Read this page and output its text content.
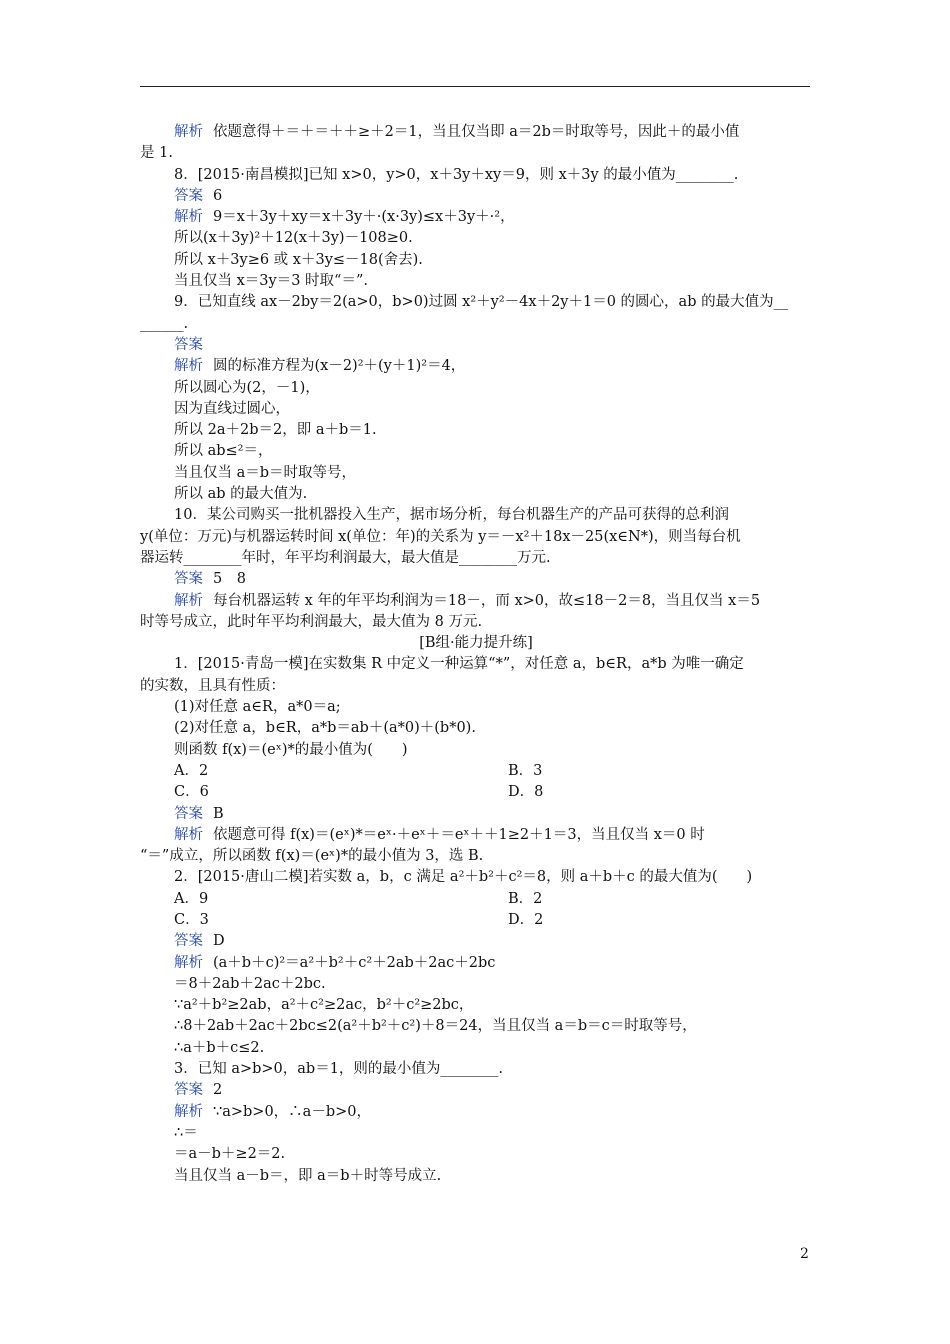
解析 依题意得＋＝＋＝＋＋≥＋2＝1，当且仅当即 a＝2b＝时取等号，因此＋的最小值
是 1.
8．[2015·南昌模拟]已知 x>0，y>0，x＋3y＋xy＝9，则 x＋3y 的最小值为________.
答案 6
解析 9＝x＋3y＋xy＝x＋3y＋·(x·3y)≤x＋3y＋·²，
所以(x＋3y)²＋12(x＋3y)－108≥0.
所以 x＋3y≥6 或 x＋3y≤－18(舍去).
当且仅当 x＝3y＝3 时取“＝”.
9．已知直线 ax－2by＝2(a>0，b>0)过圆 x²＋y²－4x＋2y＋1＝0 的圆心，ab 的最大值为__
______.
答案
解析 圆的标准方程为(x－2)²＋(y＋1)²＝4，
所以圆心为(2，－1)，
因为直线过圆心，
所以 2a＋2b＝2，即 a＋b＝1.
所以 ab≤²＝，
当且仅当 a＝b＝时取等号，
所以 ab 的最大值为.
10．某公司购买一批机器投入生产，据市场分析，每台机器生产的产品可获得的总利润
y(单位：万元)与机器运转时间 x(单位：年)的关系为 y＝－x²＋18x－25(x∈N*)，则当每台机
器运转________年时，年平均利润最大，最大值是________万元.
答案 5　8
解析 每台机器运转 x 年的年平均利润为＝18－，而 x>0，故≤18－2＝8，当且仅当 x＝5
时等号成立，此时年平均利润最大，最大值为 8 万元.
[B组·能力提升练]
1．[2015·青岛一模]在实数集 R 中定义一种运算“*”，对任意 a，b∈R，a*b 为唯一确定
的实数，且具有性质：
(1)对任意 a∈R，a*0＝a;
(2)对任意 a，b∈R，a*b＝ab＋(a*0)＋(b*0).
则函数 f(x)＝(eˣ)*的最小值为(　　)
A．2	B．3
C．6	D．8
答案 B
解析 依题意可得 f(x)＝(eˣ)*＝eˣ·＋eˣ＋＝eˣ＋＋1≥2＋1＝3，当且仅当 x＝0 时
“＝”成立，所以函数 f(x)＝(eˣ)*的最小值为 3，选 B.
2．[2015·唐山二模]若实数 a，b，c 满足 a²＋b²＋c²＝8，则 a＋b＋c 的最大值为(　　)
A．9	B．2
C．3	D．2
答案 D
解析 (a＋b＋c)²＝a²＋b²＋c²＋2ab＋2ac＋2bc
＝8＋2ab＋2ac＋2bc.
∵a²＋b²≥2ab，a²＋c²≥2ac，b²＋c²≥2bc，
∴8＋2ab＋2ac＋2bc≤2(a²＋b²＋c²)＋8＝24，当且仅当 a＝b＝c＝时取等号，
∴a＋b＋c≤2.
3．已知 a>b>0，ab＝1，则的最小值为________.
答案 2
解析 ∵a>b>0，∴a－b>0，
∴＝
＝a－b＋≥2＝2.
当且仅当 a－b＝，即 a＝b＋时等号成立.
2
